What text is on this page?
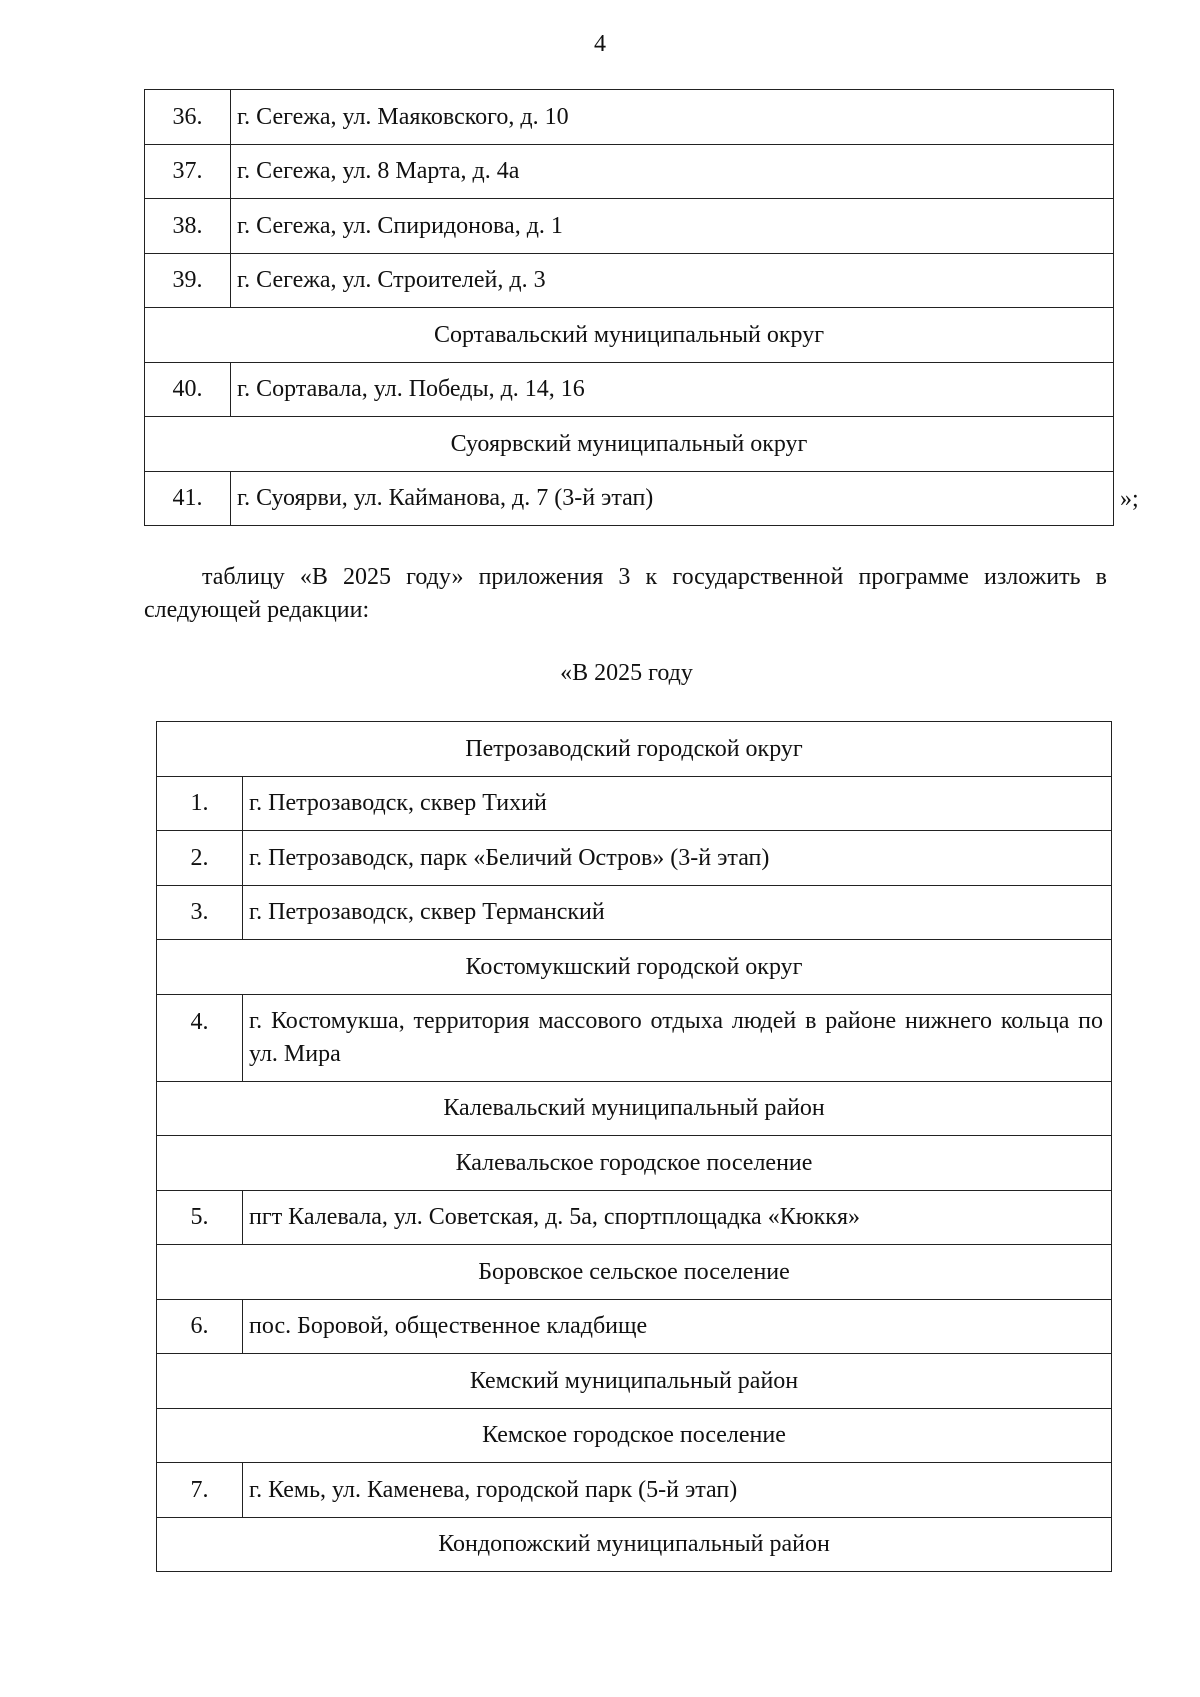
4
36.	г. Сегежа, ул. Маяковского, д. 10
37.	г. Сегежа, ул. 8 Марта, д. 4а
38.	г. Сегежа, ул. Спиридонова, д. 1
39.	г. Сегежа, ул. Строителей, д. 3
Сортавальский муниципальный округ	
40.	г. Сортавала, ул. Победы, д. 14, 16
Суоярвский муниципальный округ	
41.	г. Суоярви, ул. Кайманова, д. 7 (3-й этап)	»;

таблицу «В 2025 году» приложения 3 к государственной программе изложить в следующей редакции:

«В 2025 году
Петрозаводский городской округ	
1.	г. Петрозаводск, сквер Тихий
2.	г. Петрозаводск, парк «Беличий Остров» (3-й этап)
3.	г. Петрозаводск, сквер Терманский
Костомукшский городской округ	
4.	г. Костомукша, территория массового отдыха людей в районе нижнего кольца по ул. Мира
Калевальский муниципальный район	
Калевальское городское поселение	
5.	пгт Калевала, ул. Советская, д. 5а, спортплощадка «Кюккя»
Боровское сельское поселение	
6.	пос. Боровой, общественное кладбище
Кемский муниципальный район	
Кемское городское поселение	
7.	г. Кемь, ул. Каменева, городской парк (5-й этап)
Кондопожский муниципальный район	
